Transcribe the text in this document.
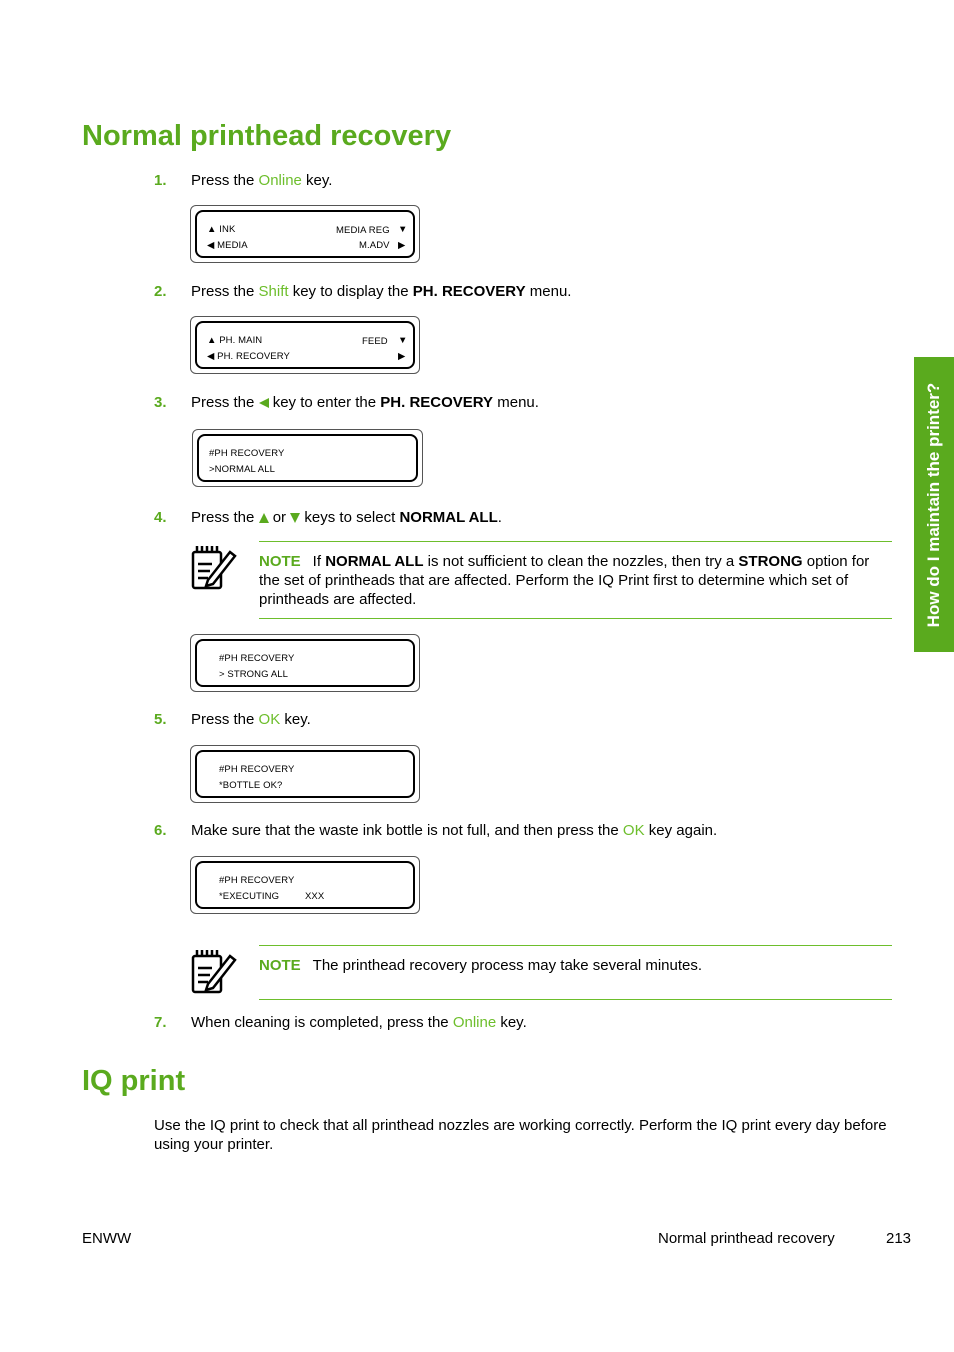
How do I maintain the printer?
Normal printhead recovery
1. Press the Online key.
▲ INK
◀ MEDIA
MEDIA REG
M.ADV
▼
▶
2. Press the Shift key to display the PH. RECOVERY menu.
▲ PH. MAIN
◀ PH. RECOVERY
FEED ▼
▶
3. Press the  key to enter the PH. RECOVERY menu.
#PH RECOVERY
>NORMAL ALL
4. Press the  or  keys to select NORMAL ALL.

NOTE If NORMAL ALL is not sufficient to clean the nozzles, then try a STRONG option for the set of printheads that are affected. Perform the IQ Print first to determine which set of printheads are affected.

#PH RECOVERY
> STRONG ALL
5. Press the OK key.
#PH RECOVERY
*BOTTLE OK?
6. Make sure that the waste ink bottle is not full, and then press the OK key again.
#PH RECOVERY
*EXECUTING	XXX

NOTE The printhead recovery process may take several minutes.

7. When cleaning is completed, press the Online key.
IQ print
Use the IQ print to check that all printhead nozzles are working correctly. Perform the IQ print every day before using your printer.
ENWW	Normal printhead recovery	213
